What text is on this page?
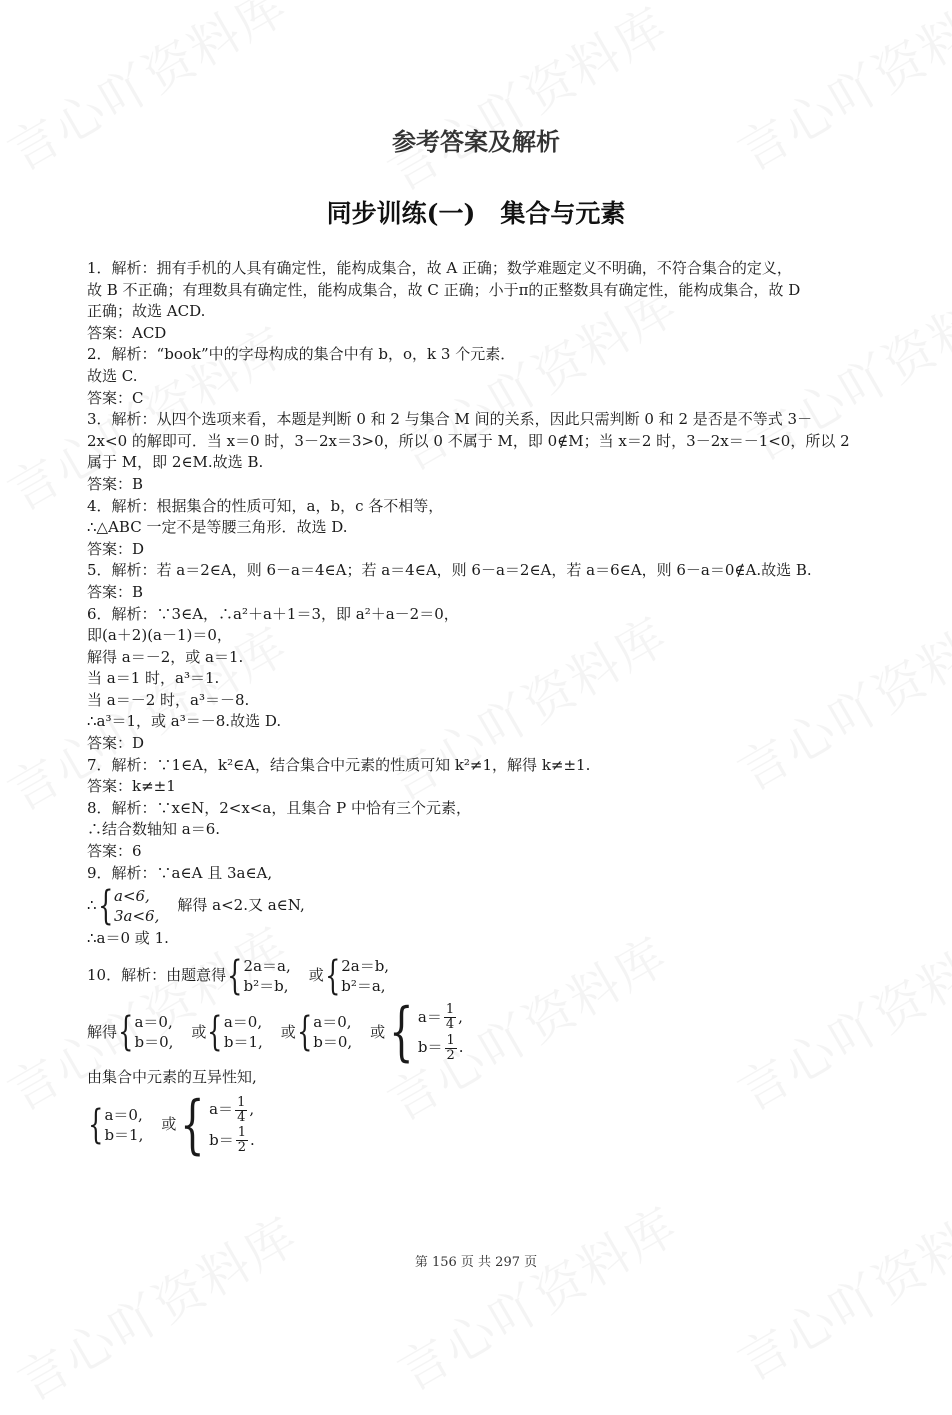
参考答案及解析
同步训练(一)　集合与元素
1．解析：拥有手机的人具有确定性，能构成集合，故 A 正确；数学难题定义不明确，不符合集合的定义，
故 B 不正确；有理数具有确定性，能构成集合，故 C 正确；小于π的正整数具有确定性，能构成集合，故 D
正确；故选 ACD.
答案：ACD
2．解析：“book”中的字母构成的集合中有 b，o，k 3 个元素．
故选 C.
答案：C
3．解析：从四个选项来看，本题是判断 0 和 2 与集合 M 间的关系，因此只需判断 0 和 2 是否是不等式 3－
2x<0 的解即可．当 x＝0 时，3－2x＝3>0，所以 0 不属于 M，即 0∉M；当 x＝2 时，3－2x＝－1<0，所以 2
属于 M，即 2∈M.故选 B.
答案：B
4．解析：根据集合的性质可知，a，b，c 各不相等，
∴△ABC 一定不是等腰三角形．故选 D.
答案：D
5．解析：若 a＝2∈A，则 6－a＝4∈A；若 a＝4∈A，则 6－a＝2∈A，若 a＝6∈A，则 6－a＝0∉A.故选 B.
答案：B
6．解析：∵3∈A，∴a²＋a＋1＝3，即 a²＋a－2＝0，
即(a＋2)(a－1)＝0，
解得 a＝－2，或 a＝1.
当 a＝1 时，a³＝1.
当 a＝－2 时，a³＝－8.
∴a³＝1，或 a³＝－8.故选 D.
答案：D
7．解析：∵1∈A，k²∈A，结合集合中元素的性质可知 k²≠1，解得 k≠±1.
答案：k≠±1
8．解析：∵x∈N，2<x<a，且集合 P 中恰有三个元素，
∴结合数轴知 a＝6.
答案：6
9．解析：∵a∈A 且 3a∈A,
∴ { a<6,
3a<6,
解得 a<2.又 a∈N,
∴a＝0 或 1.
10．解析：由题意得 { 2a＝a,
b²＝b,
或 { 2a＝b,
b²＝a,
解得 { a＝0,
b＝0,
或 { a＝0,
b＝1,
或 { a＝0,
b＝0,
或 { $a= \frac{1}{4}$ ,
$b= \frac{1}{2}$ .
由集合中元素的互异性知,
{ a＝0,
b＝1,
或 { $a= \frac{1}{4}$ ,
$b= \frac{1}{2}$ .
第 156 页 共 297 页
